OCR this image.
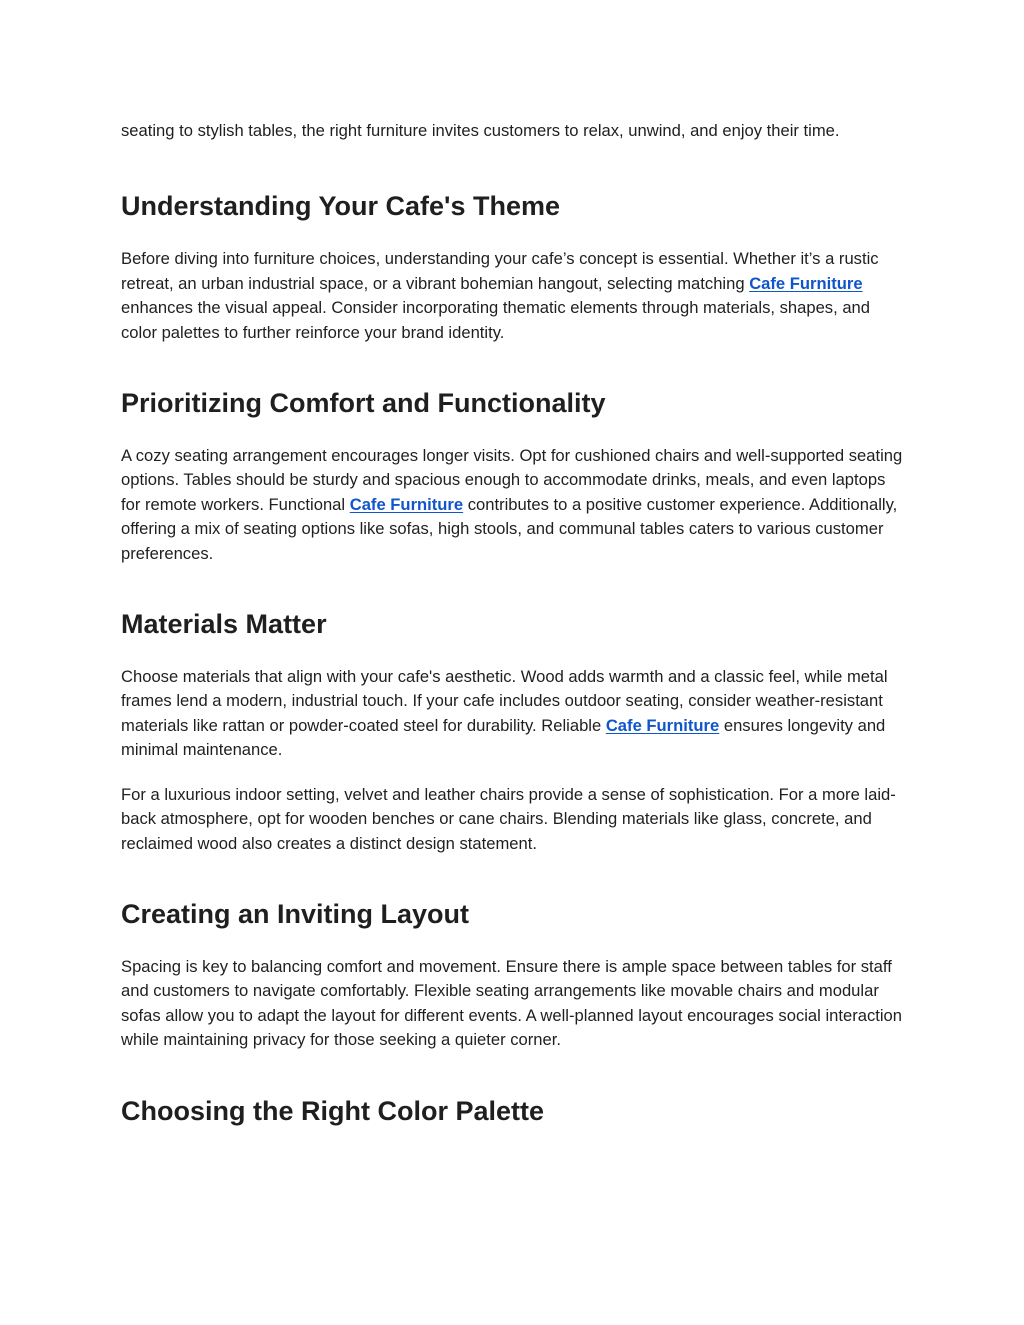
seating to stylish tables, the right furniture invites customers to relax, unwind, and enjoy their time.

Understanding Your Cafe's Theme

Before diving into furniture choices, understanding your cafe’s concept is essential. Whether it’s a rustic retreat, an urban industrial space, or a vibrant bohemian hangout, selecting matching Cafe Furniture enhances the visual appeal. Consider incorporating thematic elements through materials, shapes, and color palettes to further reinforce your brand identity.

Prioritizing Comfort and Functionality

A cozy seating arrangement encourages longer visits. Opt for cushioned chairs and well-supported seating options. Tables should be sturdy and spacious enough to accommodate drinks, meals, and even laptops for remote workers. Functional Cafe Furniture contributes to a positive customer experience. Additionally, offering a mix of seating options like sofas, high stools, and communal tables caters to various customer preferences.

Materials Matter

Choose materials that align with your cafe's aesthetic. Wood adds warmth and a classic feel, while metal frames lend a modern, industrial touch. If your cafe includes outdoor seating, consider weather-resistant materials like rattan or powder-coated steel for durability. Reliable Cafe Furniture ensures longevity and minimal maintenance.

For a luxurious indoor setting, velvet and leather chairs provide a sense of sophistication. For a more laid-back atmosphere, opt for wooden benches or cane chairs. Blending materials like glass, concrete, and reclaimed wood also creates a distinct design statement.

Creating an Inviting Layout

Spacing is key to balancing comfort and movement. Ensure there is ample space between tables for staff and customers to navigate comfortably. Flexible seating arrangements like movable chairs and modular sofas allow you to adapt the layout for different events. A well-planned layout encourages social interaction while maintaining privacy for those seeking a quieter corner.

Choosing the Right Color Palette
